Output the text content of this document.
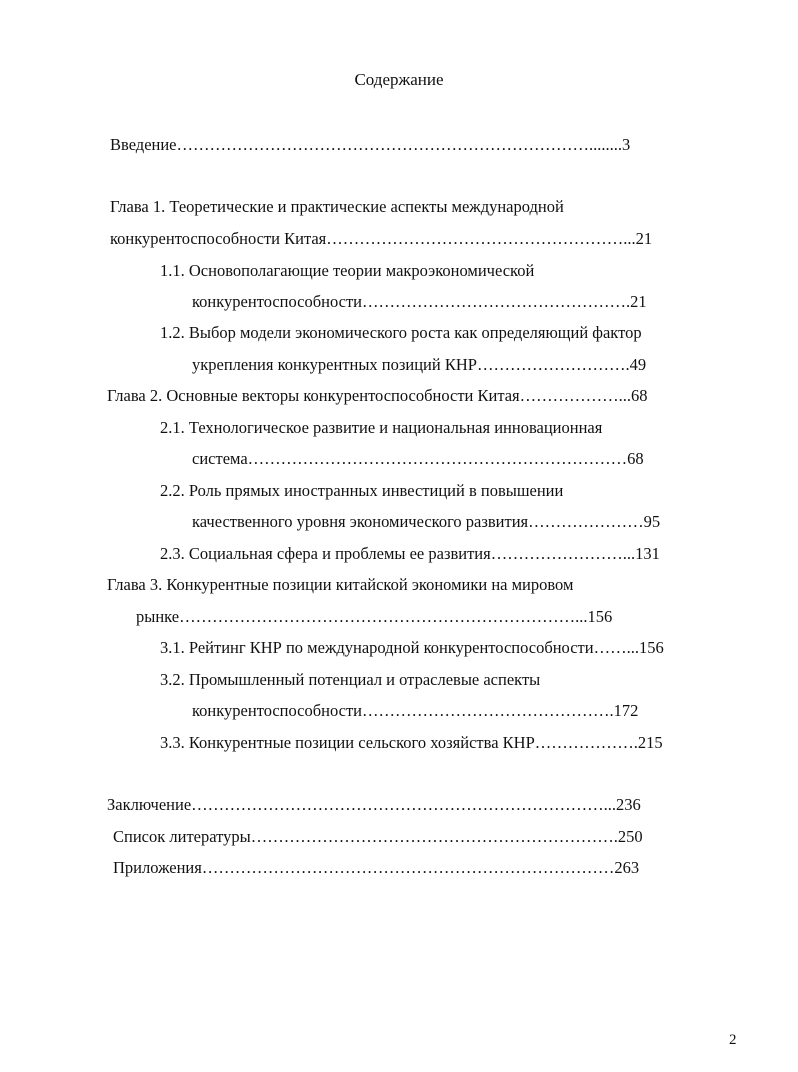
Содержание

Введение…………………………………………………………………........3

Глава 1. Теоретические и практические аспекты международной

конкурентоспособности Китая………………………………………………...21

1.1. Основополагающие теории макроэкономической

конкурентоспособности………………………………………….21

1.2. Выбор модели экономического роста как определяющий фактор

укрепления конкурентных позиций КНР……………………….49

Глава 2. Основные векторы конкурентоспособности Китая………………...68

2.1. Технологическое развитие и национальная инновационная

система……………………………………………………………68

2.2. Роль прямых иностранных инвестиций в повышении

качественного уровня экономического развития…………………95

2.3. Социальная сфера и проблемы ее развития……………………...131

Глава 3. Конкурентные позиции китайской экономики на мировом

рынке………………………………………………………………...156

3.1. Рейтинг КНР по международной конкурентоспособности……...156

3.2. Промышленный потенциал и отраслевые аспекты

конкурентоспособности……………………………………….172

3.3. Конкурентные позиции сельского хозяйства КНР……………….215

Заключение…………………………………………………………………...236

Список литературы………………………………………………………….250

Приложения…………………………………………………………………263

2
